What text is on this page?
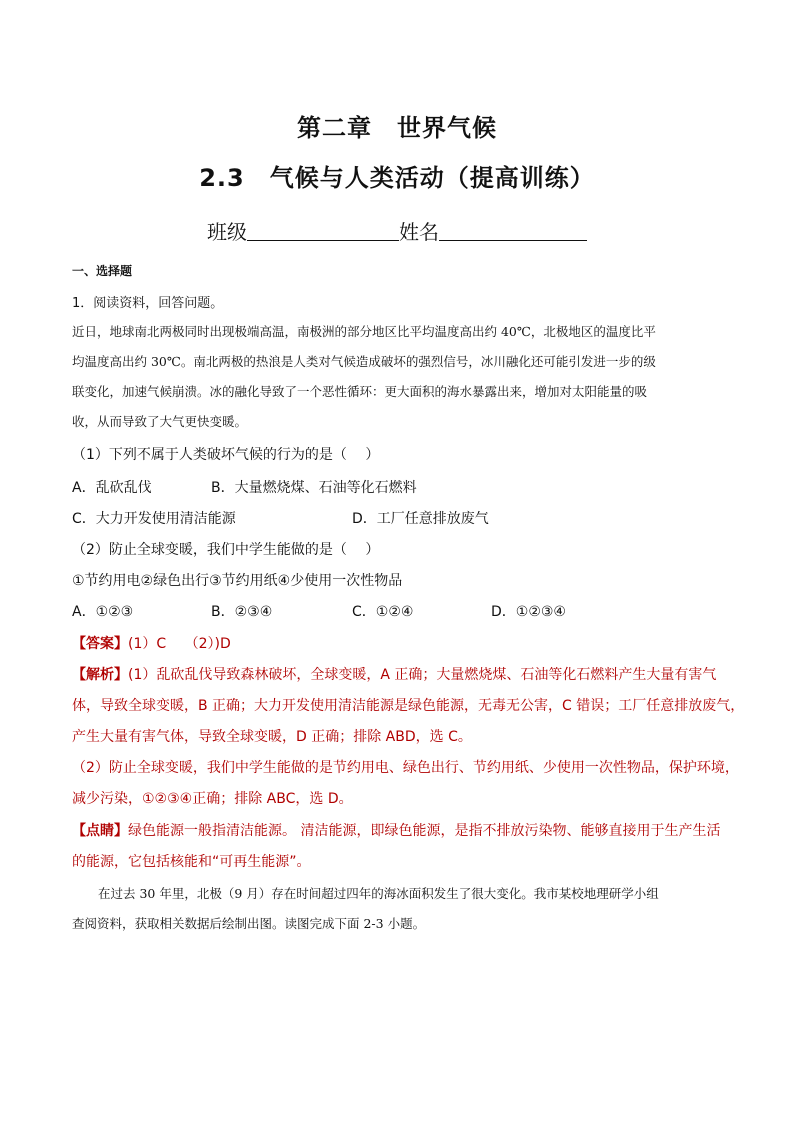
第二章　世界气候
2.3　气候与人类活动（提高训练）
班级	姓名
一、选择题
1．阅读资料，回答问题。
近日，地球南北两极同时出现极端高温，南极洲的部分地区比平均温度高出约 40℃，北极地区的温度比平
均温度高出约 30℃。南北两极的热浪是人类对气候造成破坏的强烈信号，冰川融化还可能引发进一步的级
联变化，加速气候崩溃。冰的融化导致了一个恶性循环：更大面积的海水暴露出来，增加对太阳能量的吸
收，从而导致了大气更快变暖。
（1）下列不属于人类破坏气候的行为的是（　 ）
A．乱砍乱伐	B．大量燃烧煤、石油等化石燃料
C．大力开发使用清洁能源	D．工厂任意排放废气
（2）防止全球变暖，我们中学生能做的是（　 ）
①节约用电②绿色出行③节约用纸④少使用一次性物品
A．①②③	B．②③④	C．①②④	D．①②③④
【答案】(1）C　 （2）)D
【解析】(1）乱砍乱伐导致森林破坏，全球变暖，A 正确；大量燃烧煤、石油等化石燃料产生大量有害气
体，导致全球变暖，B 正确；大力开发使用清洁能源是绿色能源，无毒无公害，C 错误；工厂任意排放废气，
产生大量有害气体，导致全球变暖，D 正确；排除 ABD，选 C。
（2）防止全球变暖，我们中学生能做的是节约用电、绿色出行、节约用纸、少使用一次性物品，保护环境，
减少污染，①②③④正确；排除 ABC，选 D。
【点睛】绿色能源一般指清洁能源。 清洁能源，即绿色能源，是指不排放污染物、能够直接用于生产生活
的能源，它包括核能和“可再生能源”。
在过去 30 年里，北极（9 月）存在时间超过四年的海冰面积发生了很大变化。我市某校地理研学小组
查阅资料，获取相关数据后绘制出图。读图完成下面 2-3 小题。
